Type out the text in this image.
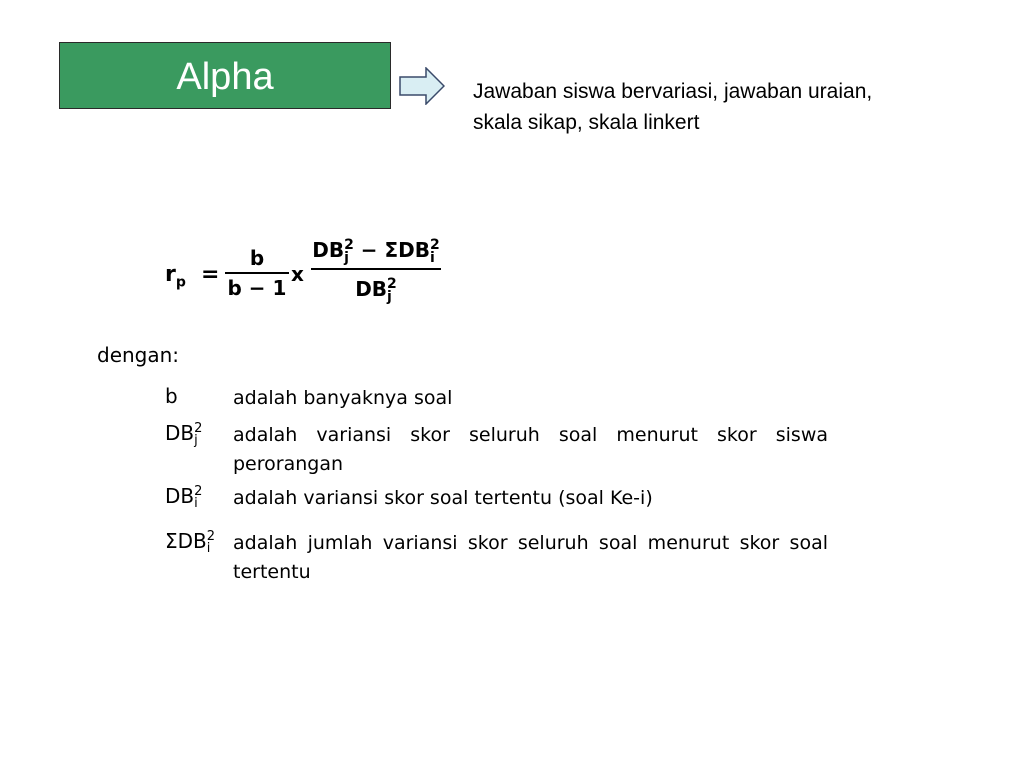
Alpha	Jawaban siswa bervariasi, jawaban uraian,
skala sikap, skala linkert
$r_p$ =
b
b − 1
x
DB 2
j − ΣDB 2
i
DB 2
j
dengan:
b	adalah banyaknya soal
DB 2
j adalah variansi skor seluruh soal menurut skor siswa perorangan
DB 2
i adalah variansi skor soal tertentu (soal Ke-i)
ΣDB 2
i adalah jumlah variansi skor seluruh soal menurut skor soal tertentu
